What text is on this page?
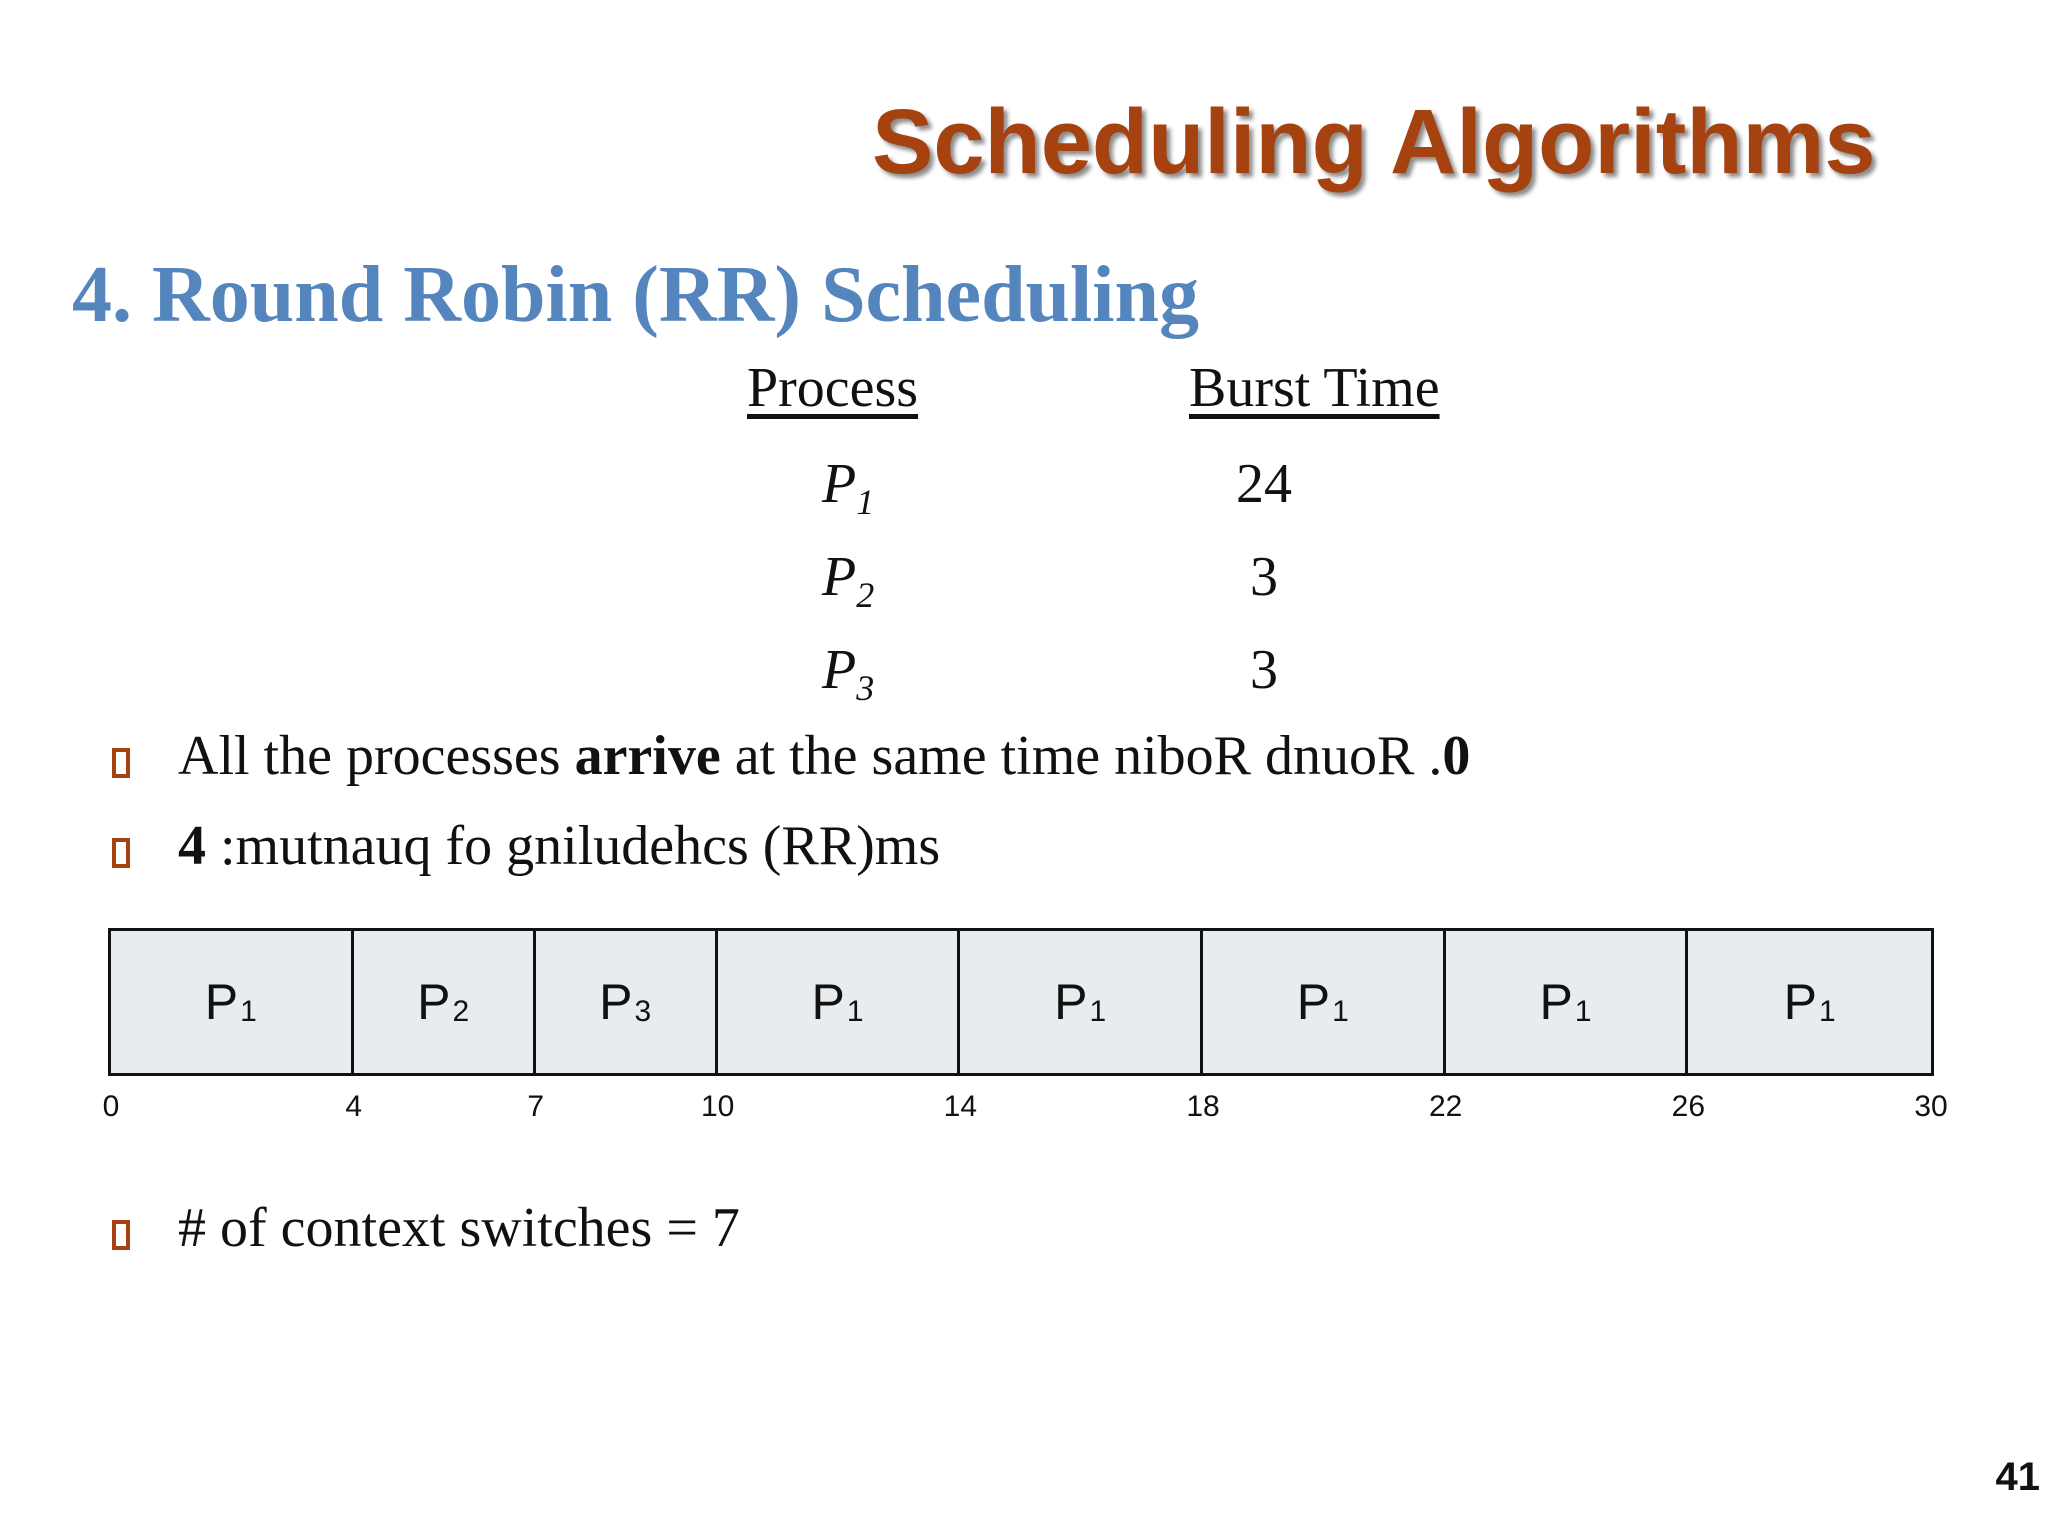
Scheduling Algorithms
4. Round Robin (RR) Scheduling
Process	Burst Time
$P_1$	24
$P_2$	3
$P_3$	3
All the processes arrive at the same time niboR dnuoR .0
4 :mutnauq fo gniludehcs (RR)ms
$P_1$	$P_2$	$P_3$	$P_1$	$P_1$	$P_1$	$P_1$	$P_1$
0	4	7	10	14	18	22	26	30
# of context switches = 7
41
